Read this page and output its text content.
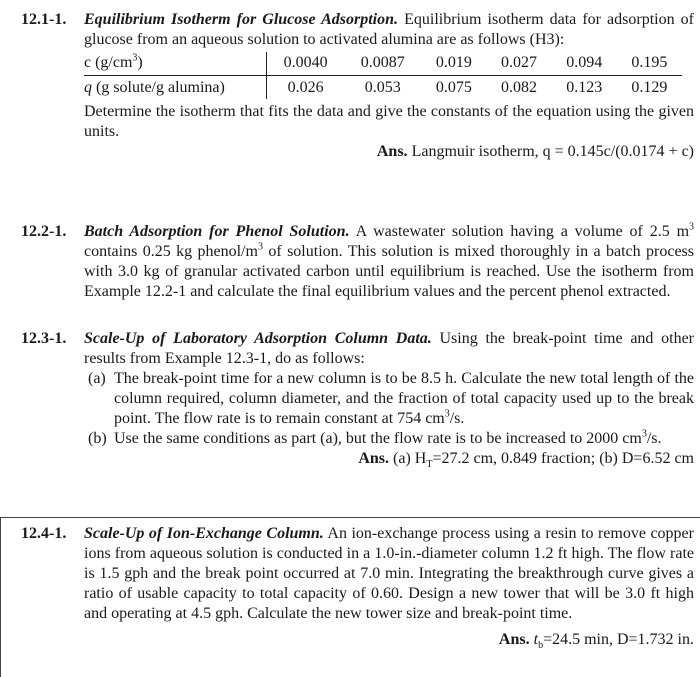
12.1-1. Equilibrium Isotherm for Glucose Adsorption. Equilibrium isotherm data for adsorption of glucose from an aqueous solution to activated alumina are as follows (H3):
c $(g/cm^3)$	0.0040	0.0087	0.019	0.027	0.094	0.195
q (g solute/g alumina)	0.026	0.053	0.075	0.082	0.123	0.129
Determine the isotherm that fits the data and give the constants of the equation using the given units.
Ans. Langmuir isotherm, q = 0.145c/(0.0174 + c)
12.2-1. Batch Adsorption for Phenol Solution. A wastewater solution having a volume of 2.5 $m^3$ contains 0.25 kg phenol/$m^3$ of solution. This solution is mixed thoroughly in a batch process with 3.0 kg of granular activated carbon until equilibrium is reached. Use the isotherm from Example 12.2-1 and calculate the final equilibrium values and the percent phenol extracted.
12.3-1. Scale-Up of Laboratory Adsorption Column Data. Using the break-point time and other results from Example 12.3-1, do as follows:
(a) The break-point time for a new column is to be 8.5 h. Calculate the new total length of the column required, column diameter, and the fraction of total capacity used up to the break point. The flow rate is to remain constant at 754 $cm^3/s$.
(b) Use the same conditions as part (a), but the flow rate is to be increased to 2000 $cm^3/s$.
Ans. (a) $H_T=27.2$ cm, 0.849 fraction; (b) D=6.52 cm
12.4-1. Scale-Up of Ion-Exchange Column. An ion-exchange process using a resin to remove copper ions from aqueous solution is conducted in a 1.0-in.-diameter column 1.2 ft high. The flow rate is 1.5 gph and the break point occurred at 7.0 min. Integrating the breakthrough curve gives a ratio of usable capacity to total capacity of 0.60. Design a new tower that will be 3.0 ft high and operating at 4.5 gph. Calculate the new tower size and break-point time.
Ans. $t_b=24.5$ min, D=1.732 in.
